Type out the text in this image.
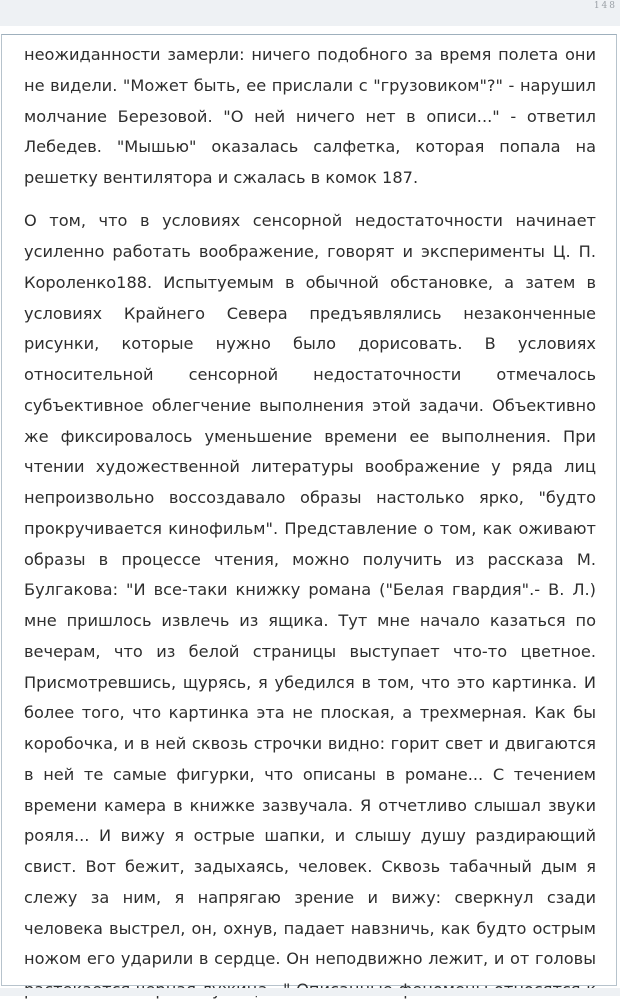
148
неожиданности замерли: ничего подобного за время полета они
не видели. "Может быть, ее прислали с "грузовиком"?" - нарушил
молчание Березовой. "О ней ничего нет в описи..." - ответил
Лебедев. "Мышью" оказалась салфетка, которая попала на
решетку вентилятора и сжалась в комок 187.
О том, что в условиях сенсорной недостаточности начинает
усиленно работать воображение, говорят и эксперименты Ц. П.
Короленко188. Испытуемым в обычной обстановке, а затем в
условиях Крайнего Севера предъявлялись незаконченные
рисунки, которые нужно было дорисовать. В условиях
относительной сенсорной недостаточности отмечалось
субъективное облегчение выполнения этой задачи. Объективно
же фиксировалось уменьшение времени ее выполнения. При
чтении художественной литературы воображение у ряда лиц
непроизвольно воссоздавало образы настолько ярко, "будто
прокручивается кинофильм". Представление о том, как оживают
образы в процессе чтения, можно получить из рассказа М.
Булгакова: "И все-таки книжку романа ("Белая гвардия".- В. Л.)
мне пришлось извлечь из ящика. Тут мне начало казаться по
вечерам, что из белой страницы выступает что-то цветное.
Присмотревшись, щурясь, я убедился в том, что это картинка. И
более того, что картинка эта не плоская, а трехмерная. Как бы
коробочка, и в ней сквозь строчки видно: горит свет и двигаются
в ней те самые фигурки, что описаны в романе... С течением
времени камера в книжке зазвучала. Я отчетливо слышал звуки
рояля... И вижу я острые шапки, и слышу душу раздирающий
свист. Вот бежит, задыхаясь, человек. Сквозь табачный дым я
слежу за ним, я напрягаю зрение и вижу: сверкнул сзади
человека выстрел, он, охнув, падает навзничь, как будто острым
ножом его ударили в сердце. Он неподвижно лежит, и от головы
